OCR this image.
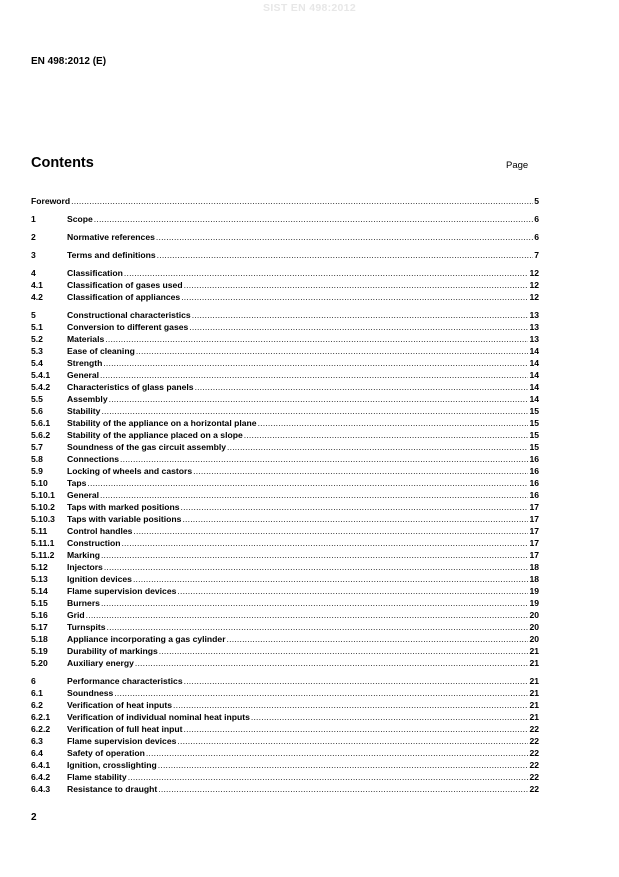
SIST EN 498:2012
EN 498:2012 (E)
Contents	Page
Foreword .....	5
1	Scope .....	6
2	Normative references .....	6
3	Terms and definitions .....	7
4	Classification .....	12
4.1	Classification of gases used .....	12
4.2	Classification of appliances .....	12
5	Constructional characteristics .....	13
5.1	Conversion to different gases .....	13
5.2	Materials .....	13
5.3	Ease of cleaning .....	14
5.4	Strength .....	14
5.4.1	General .....	14
5.4.2	Characteristics of glass panels .....	14
5.5	Assembly .....	14
5.6	Stability .....	15
5.6.1	Stability of the appliance on a horizontal plane .....	15
5.6.2	Stability of the appliance placed on a slope .....	15
5.7	Soundness of the gas circuit assembly .....	15
5.8	Connections .....	16
5.9	Locking of wheels and castors .....	16
5.10	Taps .....	16
5.10.1	General .....	16
5.10.2	Taps with marked positions .....	17
5.10.3	Taps with variable positions .....	17
5.11	Control handles .....	17
5.11.1	Construction .....	17
5.11.2	Marking .....	17
5.12	Injectors .....	18
5.13	Ignition devices .....	18
5.14	Flame supervision devices .....	19
5.15	Burners .....	19
5.16	Grid .....	20
5.17	Turnspits .....	20
5.18	Appliance incorporating a gas cylinder .....	20
5.19	Durability of markings .....	21
5.20	Auxiliary energy .....	21
6	Performance characteristics .....	21
6.1	Soundness .....	21
6.2	Verification of heat inputs .....	21
6.2.1	Verification of individual nominal heat inputs .....	21
6.2.2	Verification of full heat input .....	22
6.3	Flame supervision devices .....	22
6.4	Safety of operation .....	22
6.4.1	Ignition, crosslighting .....	22
6.4.2	Flame stability .....	22
6.4.3	Resistance to draught .....	22
2
